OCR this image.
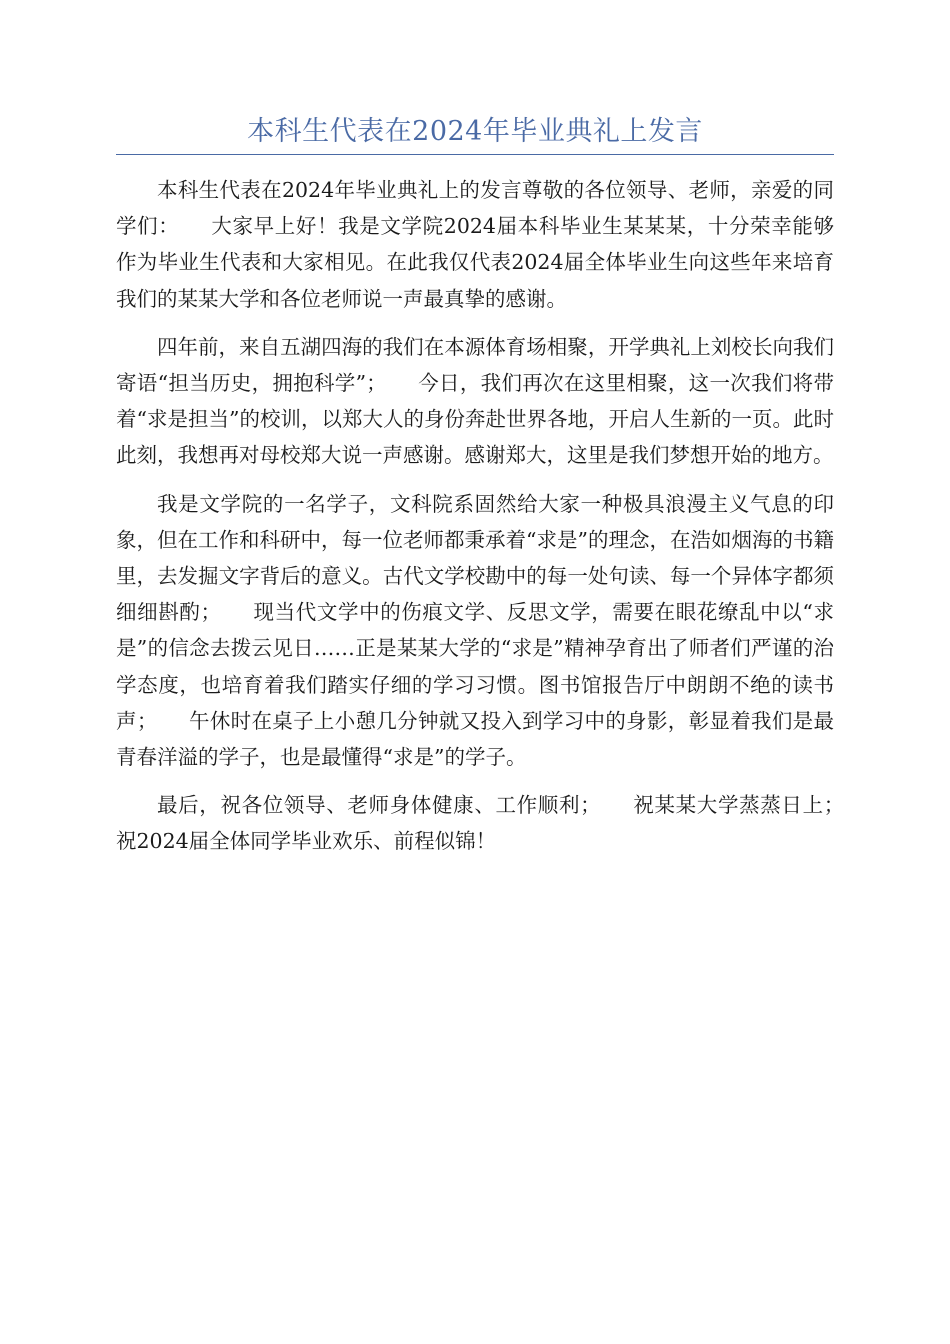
本科生代表在2024年毕业典礼上发言

本科生代表在2024年毕业典礼上的发言尊敬的各位领导、老师，亲爱的同学们：　　大家早上好！我是文学院2024届本科毕业生某某某，十分荣幸能够作为毕业生代表和大家相见。在此我仅代表2024届全体毕业生向这些年来培育我们的某某大学和各位老师说一声最真挚的感谢。

四年前，来自五湖四海的我们在本源体育场相聚，开学典礼上刘校长向我们寄语“担当历史，拥抱科学”；　　今日，我们再次在这里相聚，这一次我们将带着“求是担当”的校训，以郑大人的身份奔赴世界各地，开启人生新的一页。此时此刻，我想再对母校郑大说一声感谢。感谢郑大，这里是我们梦想开始的地方。

我是文学院的一名学子，文科院系固然给大家一种极具浪漫主义气息的印象，但在工作和科研中，每一位老师都秉承着“求是”的理念，在浩如烟海的书籍里，去发掘文字背后的意义。古代文学校勘中的每一处句读、每一个异体字都须细细斟酌；　　现当代文学中的伤痕文学、反思文学，需要在眼花缭乱中以“求是”的信念去拨云见日……正是某某大学的“求是”精神孕育出了师者们严谨的治学态度，也培育着我们踏实仔细的学习习惯。图书馆报告厅中朗朗不绝的读书声；　　午休时在桌子上小憩几分钟就又投入到学习中的身影，彰显着我们是最青春洋溢的学子，也是最懂得“求是”的学子。

最后，祝各位领导、老师身体健康、工作顺利；　　祝某某大学蒸蒸日上；　　祝2024届全体同学毕业欢乐、前程似锦！
